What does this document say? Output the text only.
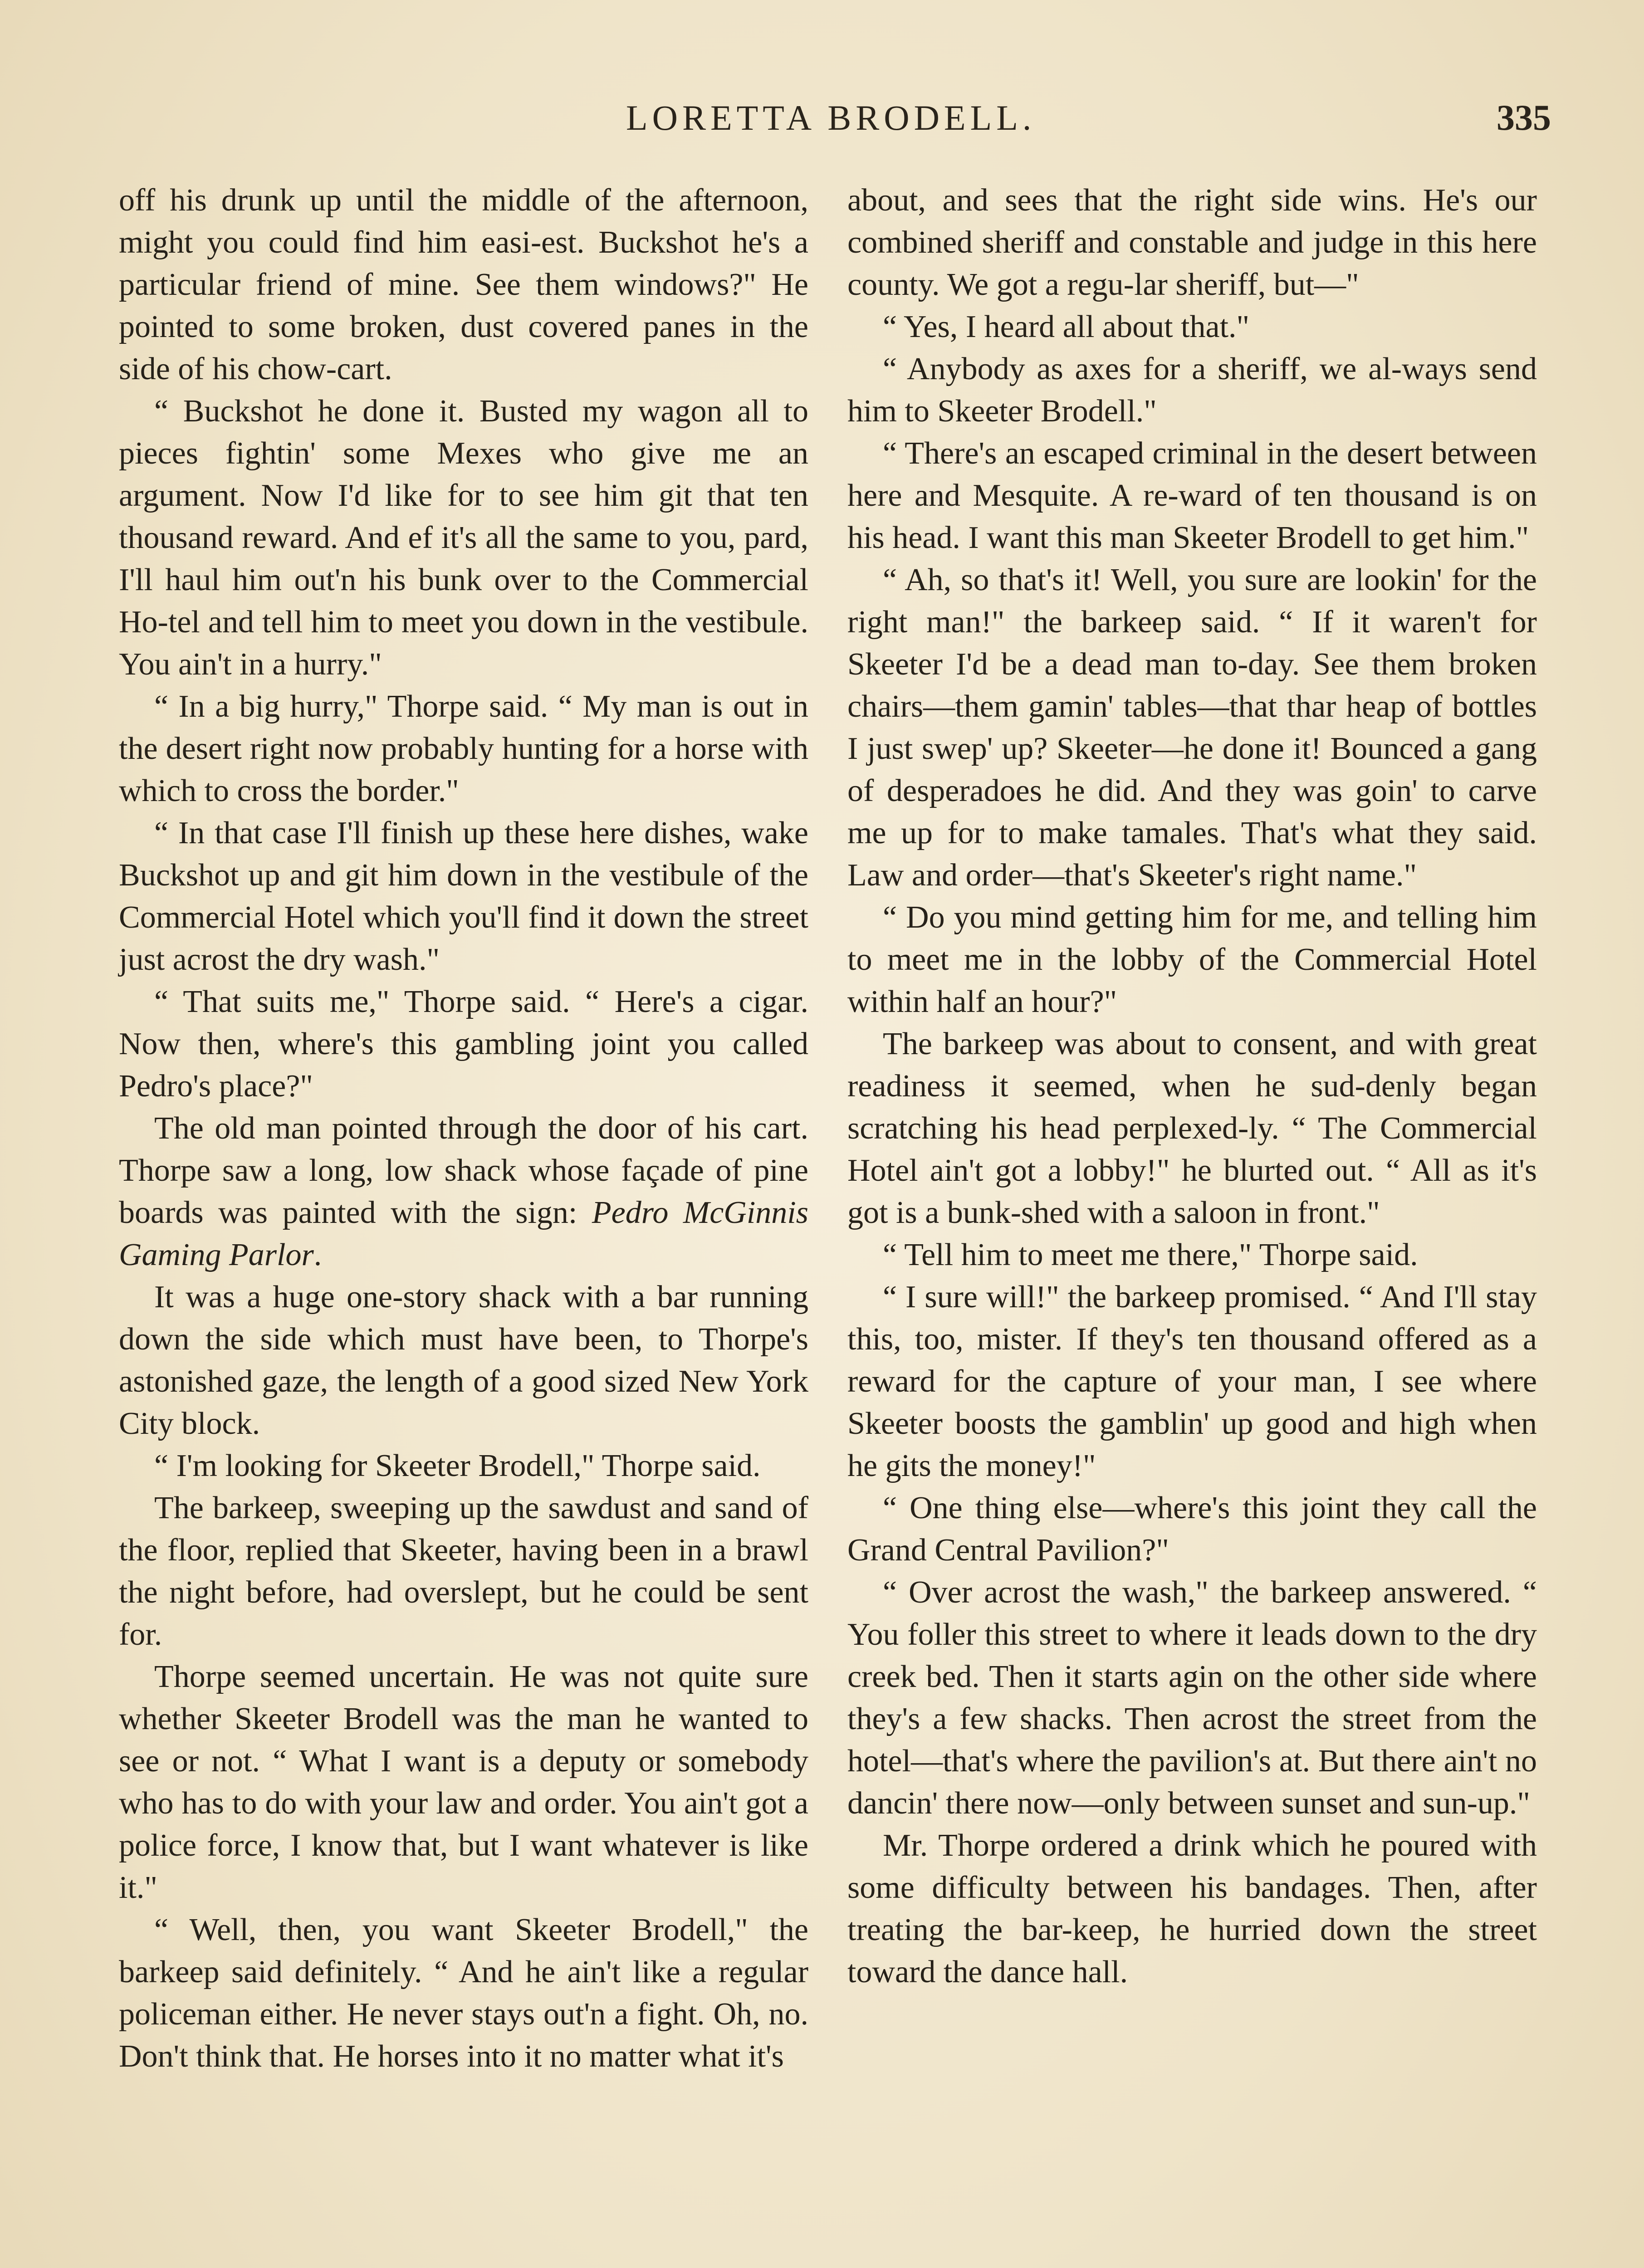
LORETTA BRODELL.	335

off his drunk up until the middle of the afternoon, might you could find him easi-est. Buckshot he's a particular friend of mine. See them windows?" He pointed to some broken, dust covered panes in the side of his chow-cart.

“ Buckshot he done it. Busted my wagon all to pieces fightin' some Mexes who give me an argument. Now I'd like for to see him git that ten thousand reward. And ef it's all the same to you, pard, I'll haul him out'n his bunk over to the Commercial Ho-tel and tell him to meet you down in the vestibule. You ain't in a hurry."

“ In a big hurry," Thorpe said. “ My man is out in the desert right now probably hunting for a horse with which to cross the border."

“ In that case I'll finish up these here dishes, wake Buckshot up and git him down in the vestibule of the Commercial Hotel which you'll find it down the street just acrost the dry wash."

“ That suits me," Thorpe said. “ Here's a cigar. Now then, where's this gambling joint you called Pedro's place?"

The old man pointed through the door of his cart. Thorpe saw a long, low shack whose façade of pine boards was painted with the sign: Pedro McGinnis Gaming Parlor.

It was a huge one-story shack with a bar running down the side which must have been, to Thorpe's astonished gaze, the length of a good sized New York City block.

“ I'm looking for Skeeter Brodell," Thorpe said.

The barkeep, sweeping up the sawdust and sand of the floor, replied that Skeeter, having been in a brawl the night before, had overslept, but he could be sent for.

Thorpe seemed uncertain. He was not quite sure whether Skeeter Brodell was the man he wanted to see or not. “ What I want is a deputy or somebody who has to do with your law and order. You ain't got a police force, I know that, but I want whatever is like it."

“ Well, then, you want Skeeter Brodell," the barkeep said definitely. “ And he ain't like a regular policeman either. He never stays out'n a fight. Oh, no. Don't think that. He horses into it no matter what it's

about, and sees that the right side wins. He's our combined sheriff and constable and judge in this here county. We got a regu-lar sheriff, but—"

“ Yes, I heard all about that."

“ Anybody as axes for a sheriff, we al-ways send him to Skeeter Brodell."

“ There's an escaped criminal in the desert between here and Mesquite. A re-ward of ten thousand is on his head. I want this man Skeeter Brodell to get him."

“ Ah, so that's it! Well, you sure are lookin' for the right man!" the barkeep said. “ If it waren't for Skeeter I'd be a dead man to-day. See them broken chairs—them gamin' tables—that thar heap of bottles I just swep' up? Skeeter—he done it! Bounced a gang of desperadoes he did. And they was goin' to carve me up for to make tamales. That's what they said. Law and order—that's Skeeter's right name."

“ Do you mind getting him for me, and telling him to meet me in the lobby of the Commercial Hotel within half an hour?"

The barkeep was about to consent, and with great readiness it seemed, when he sud-denly began scratching his head perplexed-ly. “ The Commercial Hotel ain't got a lobby!" he blurted out. “ All as it's got is a bunk-shed with a saloon in front."

“ Tell him to meet me there," Thorpe said.

“ I sure will!" the barkeep promised. “ And I'll stay this, too, mister. If they's ten thousand offered as a reward for the capture of your man, I see where Skeeter boosts the gamblin' up good and high when he gits the money!"

“ One thing else—where's this joint they call the Grand Central Pavilion?"

“ Over acrost the wash," the barkeep answered. “ You foller this street to where it leads down to the dry creek bed. Then it starts agin on the other side where they's a few shacks. Then acrost the street from the hotel—that's where the pavilion's at. But there ain't no dancin' there now—only between sunset and sun-up."

Mr. Thorpe ordered a drink which he poured with some difficulty between his bandages. Then, after treating the bar-keep, he hurried down the street toward the dance hall.
